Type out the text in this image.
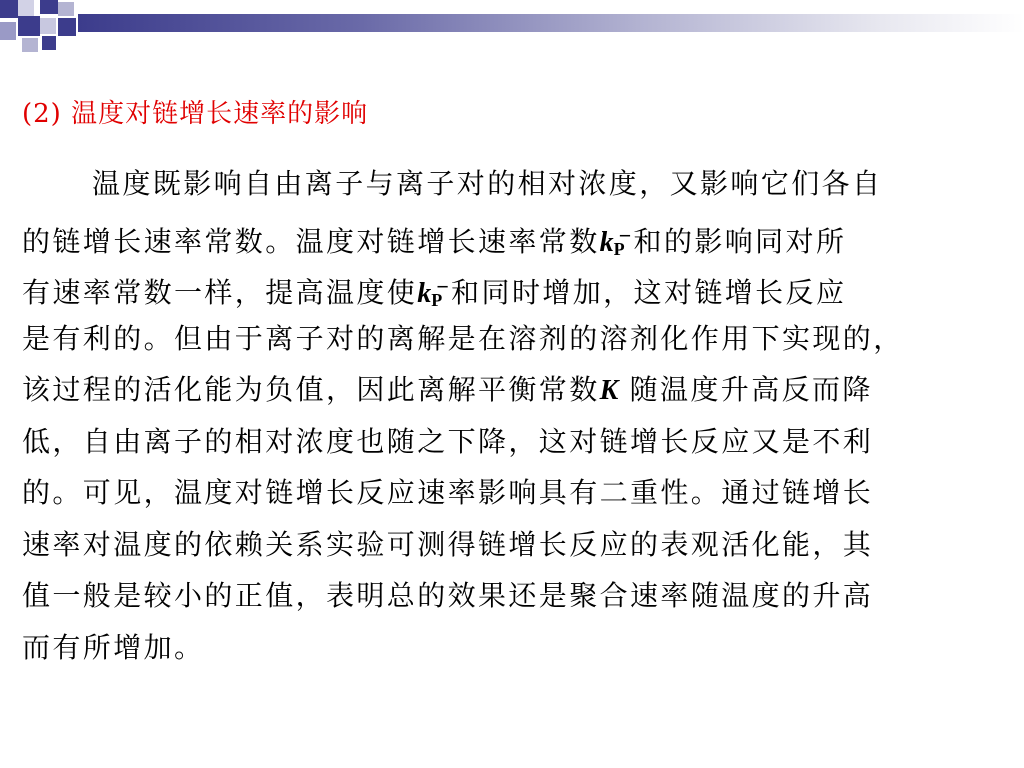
(2) 温度对链增长速率的影响
温度既影响自由离子与离子对的相对浓度，又影响它们各自
的链增长速率常数。温度对链增长速率常数$k_P^-$和的影响同对所
有速率常数一样，提高温度使$k_P^-$和同时增加，这对链增长反应
是有利的。但由于离子对的离解是在溶剂的溶剂化作用下实现的，
该过程的活化能为负值，因此离解平衡常数K 随温度升高反而降
低，自由离子的相对浓度也随之下降，这对链增长反应又是不利
的。可见，温度对链增长反应速率影响具有二重性。通过链增长
速率对温度的依赖关系实验可测得链增长反应的表观活化能，其
值一般是较小的正值，表明总的效果还是聚合速率随温度的升高
而有所增加。
